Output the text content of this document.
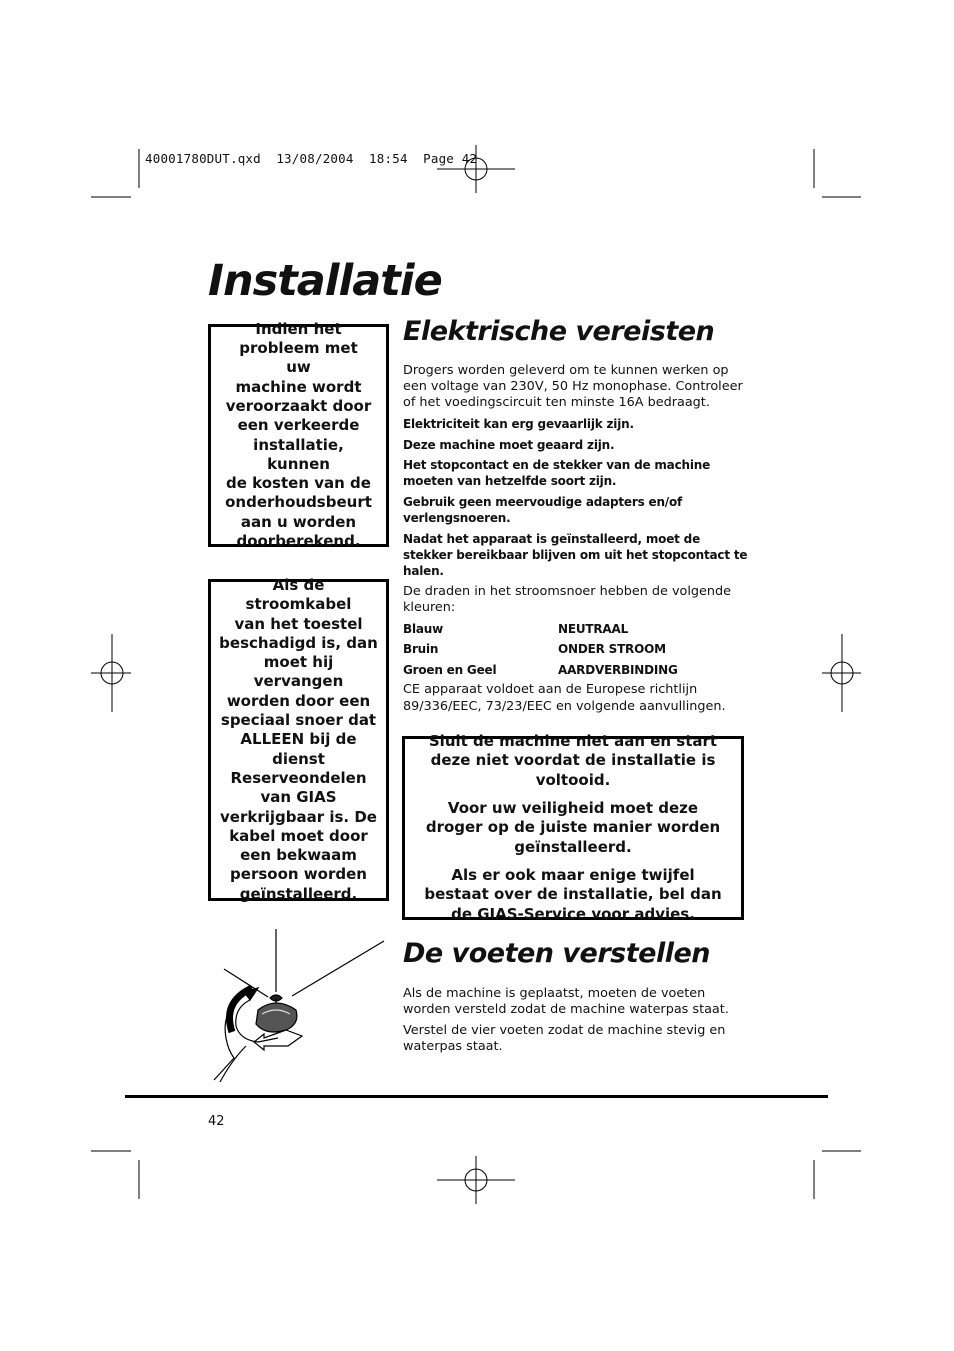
40001780DUT.qxd  13/08/2004  18:54  Page 42
Installatie
Indien het
probleem met uw
machine wordt
veroorzaakt door
een verkeerde
installatie, kunnen
de kosten van de
onderhoudsbeurt
aan u worden
doorberekend.
Als de stroomkabel
van het toestel
beschadigd is, dan
moet hij vervangen
worden door een
speciaal snoer dat
ALLEEN bij de
dienst
Reserveondelen
van GIAS
verkrijgbaar is. De
kabel moet door
een bekwaam
persoon worden
geïnstalleerd.
Elektrische vereisten

Drogers worden geleverd om te kunnen werken op een voltage van 230V, 50 Hz monophase. Controleer of het voedingscircuit ten minste 16A bedraagt.

Elektriciteit kan erg gevaarlijk zijn.

Deze machine moet geaard zijn.

Het stopcontact en de stekker van de machine moeten van hetzelfde soort zijn.

Gebruik geen meervoudige adapters en/of verlengsnoeren.

Nadat het apparaat is geïnstalleerd, moet de stekker bereikbaar blijven om uit het stopcontact te halen.

De draden in het stroomsnoer hebben de volgende kleuren:

Blauw	NEUTRAAL
Bruin	ONDER STROOM
Groen en Geel	AARDVERBINDING

CE apparaat voldoet aan de Europese richtlijn 89/336/EEC, 73/23/EEC en volgende aanvullingen.

Sluit de machine niet aan en start deze niet voordat de installatie is voltooid.

Voor uw veiligheid moet deze droger op de juiste manier worden geïnstalleerd.

Als er ook maar enige twijfel bestaat over de installatie, bel dan de GIAS-Service voor advies.

De voeten verstellen

Als de machine is geplaatst, moeten de voeten worden versteld zodat de machine waterpas staat.

Verstel de vier voeten zodat de machine stevig en waterpas staat.

42
